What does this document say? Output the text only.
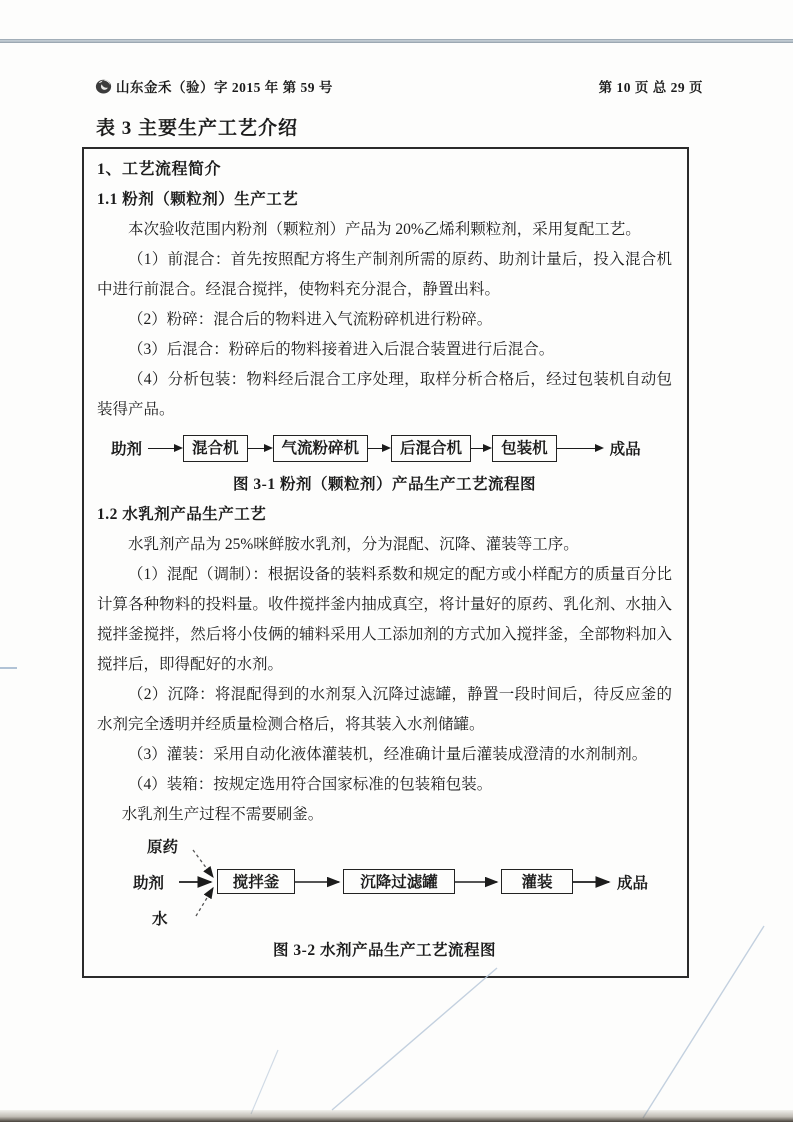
山东金禾（验）字 2015 年 第 59 号	第 10 页 总 29 页
表 3 主要生产工艺介绍

1、工艺流程简介

1.1 粉剂（颗粒剂）生产工艺

本次验收范围内粉剂（颗粒剂）产品为 20%乙烯利颗粒剂，采用复配工艺。

（1）前混合：首先按照配方将生产制剂所需的原药、助剂计量后，投入混合机中进行前混合。经混合搅拌，使物料充分混合，静置出料。

（2）粉碎：混合后的物料进入气流粉碎机进行粉碎。

（3）后混合：粉碎后的物料接着进入后混合装置进行后混合。

（4）分析包装：物料经后混合工序处理，取样分析合格后，经过包装机自动包装得产品。

助剂	混合机	气流粉碎机	后混合机	包装机	成品

图 3-1 粉剂（颗粒剂）产品生产工艺流程图

1.2 水乳剂产品生产工艺

水乳剂产品为 25%咪鲜胺水乳剂，分为混配、沉降、灌装等工序。

（1）混配（调制）：根据设备的装料系数和规定的配方或小样配方的质量百分比计算各种物料的投料量。收件搅拌釜内抽成真空，将计量好的原药、乳化剂、水抽入搅拌釜搅拌，然后将小伎俩的辅料采用人工添加剂的方式加入搅拌釜，全部物料加入搅拌后，即得配好的水剂。

（2）沉降：将混配得到的水剂泵入沉降过滤罐，静置一段时间后，待反应釜的水剂完全透明并经质量检测合格后，将其装入水剂储罐。

（3）灌装：采用自动化液体灌装机，经准确计量后灌装成澄清的水剂制剂。

（4）装箱：按规定选用符合国家标准的包装箱包装。

水乳剂生产过程不需要刷釜。

原药
助剂
水
搅拌釜	沉降过滤罐	灌装	成品

图 3-2 水剂产品生产工艺流程图
